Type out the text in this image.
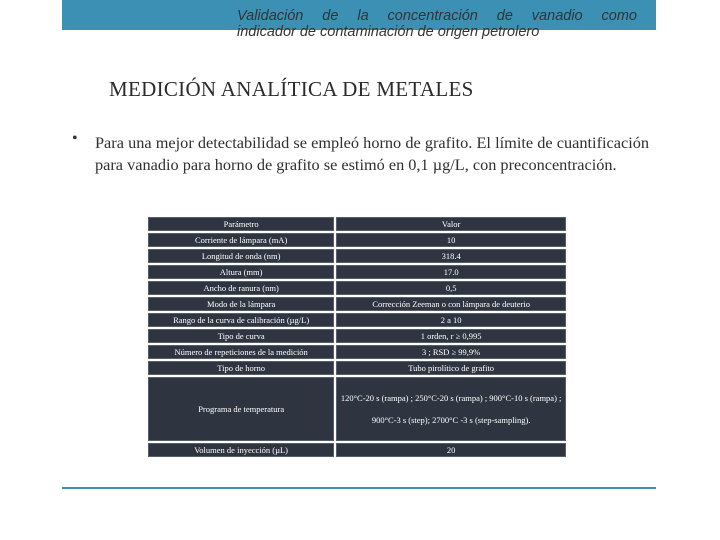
Validación de la concentración de vanadio como
indicador de contaminación de origen petrolero
MEDICIÓN ANALÍTICA DE METALES
• Para una mejor detectabilidad se empleó horno de grafito. El límite de cuantificación para vanadio para horno de grafito se estimó en 0,1 µg/L, con preconcentración.
Parámetro	Valor
Corriente de lámpara (mA)	10
Longitud de onda (nm)	318.4
Altura (mm)	17.0
Ancho de ranura (nm)	0,5
Modo de la lámpara	Corrección Zeeman o con lámpara de deuterio
Rango de la curva de calibración (µg/L)	2 a 10
Tipo de curva	1 orden, r ≥ 0,995
Número de repeticiones de la medición	3 ; RSD ≥ 99,9%
Tipo de horno	Tubo pirolítico de grafito
Programa de temperatura	120°C-20 s (rampa) ; 250°C-20 s (rampa) ; 900°C-10 s (rampa) ; 900°C-3 s (step); 2700°C -3 s (step-sampling).
Volumen de inyección (µL)	20
